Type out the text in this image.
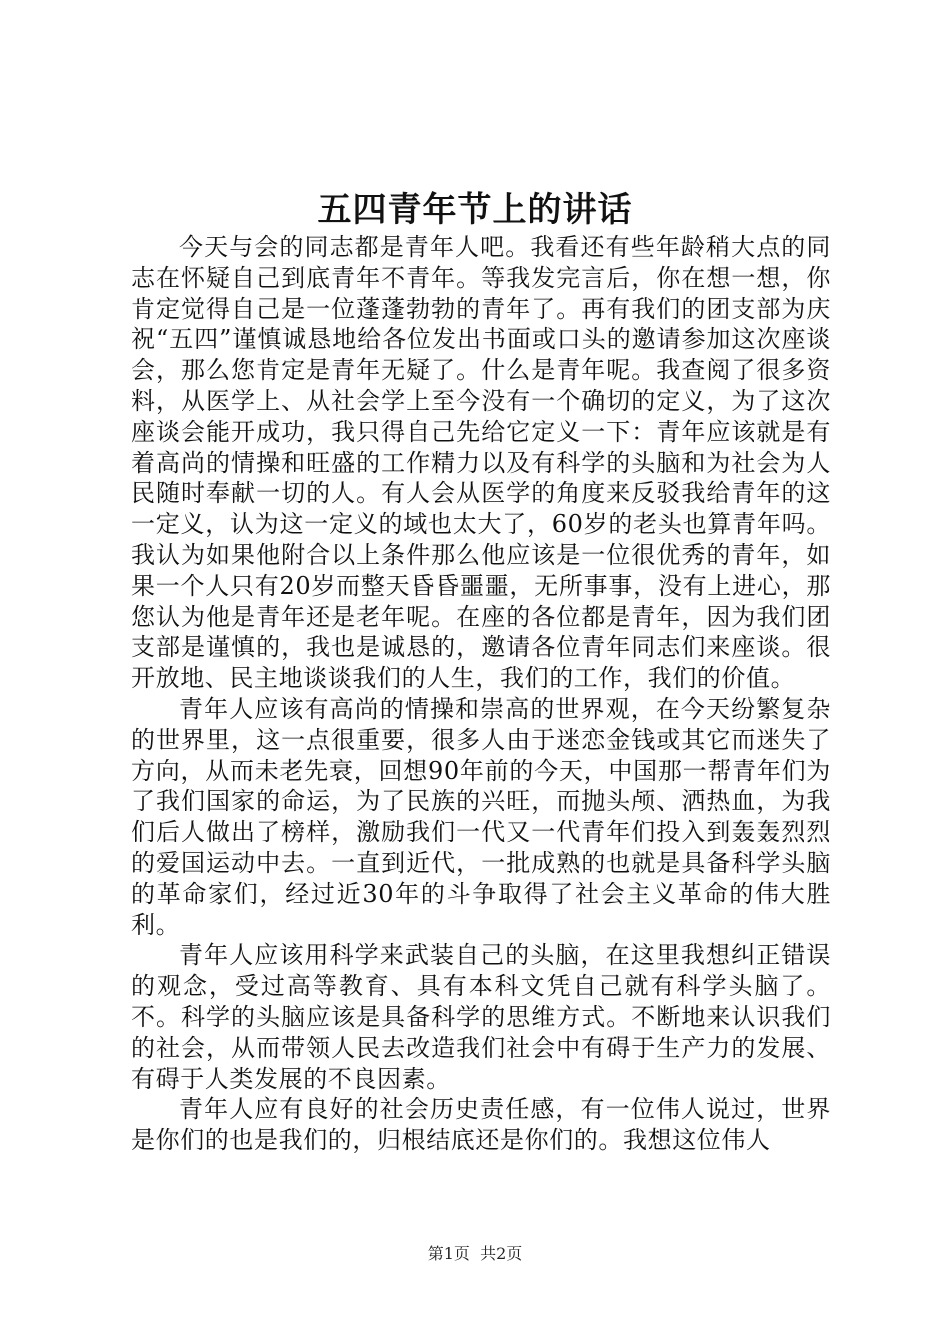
五四青年节上的讲话

今天与会的同志都是青年人吧。我看还有些年龄稍大点的同志在怀疑自己到底青年不青年。等我发完言后，你在想一想，你肯定觉得自己是一位蓬蓬勃勃的青年了。再有我们的团支部为庆祝“五四”谨慎诚恳地给各位发出书面或口头的邀请参加这次座谈会，那么您肯定是青年无疑了。什么是青年呢。我查阅了很多资料，从医学上、从社会学上至今没有一个确切的定义，为了这次座谈会能开成功，我只得自己先给它定义一下：青年应该就是有着高尚的情操和旺盛的工作精力以及有科学的头脑和为社会为人民随时奉献一切的人。有人会从医学的角度来反驳我给青年的这一定义，认为这一定义的域也太大了，60岁的老头也算青年吗。我认为如果他附合以上条件那么他应该是一位很优秀的青年，如果一个人只有20岁而整天昏昏噩噩，无所事事，没有上进心，那您认为他是青年还是老年呢。在座的各位都是青年，因为我们团支部是谨慎的，我也是诚恳的，邀请各位青年同志们来座谈。很开放地、民主地谈谈我们的人生，我们的工作，我们的价值。

青年人应该有高尚的情操和崇高的世界观，在今天纷繁复杂的世界里，这一点很重要，很多人由于迷恋金钱或其它而迷失了方向，从而未老先衰，回想90年前的今天，中国那一帮青年们为了我们国家的命运，为了民族的兴旺，而抛头颅、洒热血，为我们后人做出了榜样，激励我们一代又一代青年们投入到轰轰烈烈的爱国运动中去。一直到近代，一批成熟的也就是具备科学头脑的革命家们，经过近30年的斗争取得了社会主义革命的伟大胜利。

青年人应该用科学来武装自己的头脑，在这里我想纠正错误的观念，受过高等教育、具有本科文凭自己就有科学头脑了。不。科学的头脑应该是具备科学的思维方式。不断地来认识我们的社会，从而带领人民去改造我们社会中有碍于生产力的发展、有碍于人类发展的不良因素。

青年人应有良好的社会历史责任感，有一位伟人说过，世界是你们的也是我们的，归根结底还是你们的。我想这位伟人

第1页 共2页
